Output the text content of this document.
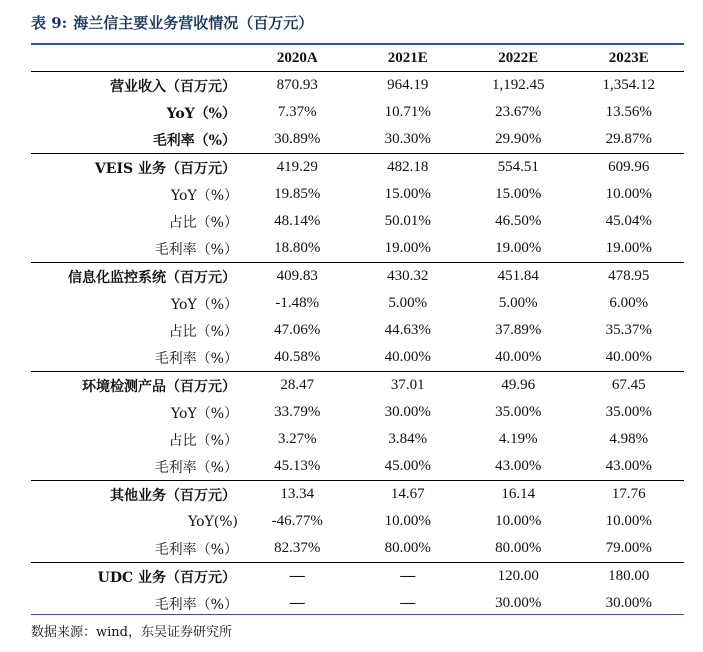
表 9: 海兰信主要业务营收情况（百万元）
	2020A	2021E	2022E	2023E
营业收入（百万元）	870.93	964.19	1,192.45	1,354.12
YoY（%）	7.37%	10.71%	23.67%	13.56%
毛利率（%）	30.89%	30.30%	29.90%	29.87%
VEIS 业务（百万元）	419.29	482.18	554.51	609.96
YoY（%）	19.85%	15.00%	15.00%	10.00%
占比（%）	48.14%	50.01%	46.50%	45.04%
毛利率（%）	18.80%	19.00%	19.00%	19.00%
信息化监控系统（百万元）	409.83	430.32	451.84	478.95
YoY（%）	-1.48%	5.00%	5.00%	6.00%
占比（%）	47.06%	44.63%	37.89%	35.37%
毛利率（%）	40.58%	40.00%	40.00%	40.00%
环境检测产品（百万元）	28.47	37.01	49.96	67.45
YoY（%）	33.79%	30.00%	35.00%	35.00%
占比（%）	3.27%	3.84%	4.19%	4.98%
毛利率（%）	45.13%	45.00%	43.00%	43.00%
其他业务（百万元）	13.34	14.67	16.14	17.76
YoY(%)	-46.77%	10.00%	10.00%	10.00%
毛利率（%）	82.37%	80.00%	80.00%	79.00%
UDC 业务（百万元）	—	—	120.00	180.00
毛利率（%）	—	—	30.00%	30.00%
数据来源：wind，东吴证券研究所
